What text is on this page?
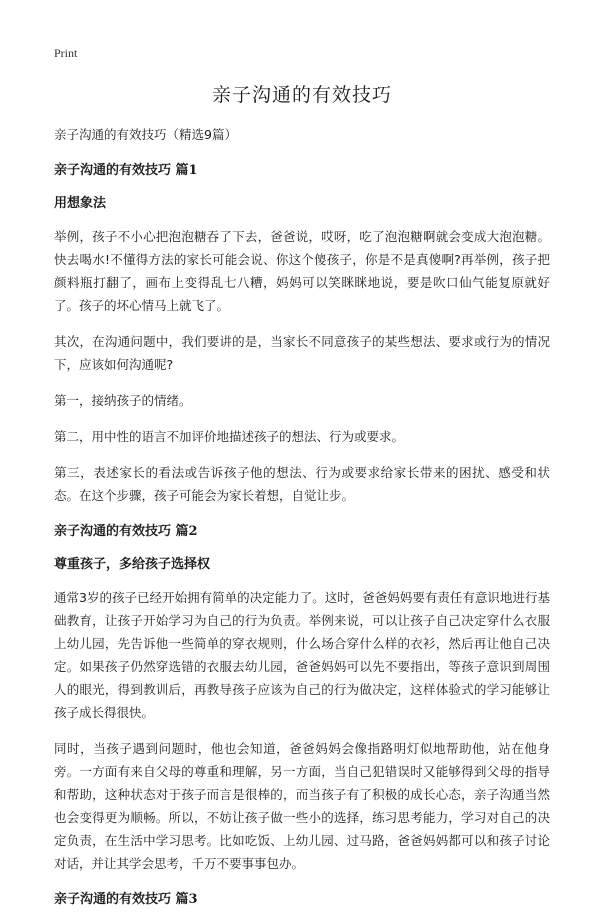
Print
亲子沟通的有效技巧

亲子沟通的有效技巧（精选9篇）

亲子沟通的有效技巧 篇1

用想象法

举例，孩子不小心把泡泡糖吞了下去，爸爸说，哎呀，吃了泡泡糖啊就会变成大泡泡糖。快去喝水!不懂得方法的家长可能会说、你这个傻孩子，你是不是真傻啊?再举例，孩子把颜料瓶打翻了，画布上变得乱七八糟，妈妈可以笑眯眯地说，要是吹口仙气能复原就好了。孩子的坏心情马上就飞了。

其次，在沟通问题中，我们要讲的是，当家长不同意孩子的某些想法、要求或行为的情况下，应该如何沟通呢?

第一，接纳孩子的情绪。

第二，用中性的语言不加评价地描述孩子的想法、行为或要求。

第三，表述家长的看法或告诉孩子他的想法、行为或要求给家长带来的困扰、感受和状态。在这个步骤，孩子可能会为家长着想，自觉让步。

亲子沟通的有效技巧 篇2

尊重孩子，多给孩子选择权

通常3岁的孩子已经开始拥有简单的决定能力了。这时，爸爸妈妈要有责任有意识地进行基础教育，让孩子开始学习为自己的行为负责。举例来说，可以让孩子自己决定穿什么衣服上幼儿园，先告诉他一些简单的穿衣规则，什么场合穿什么样的衣衫，然后再让他自己决定。如果孩子仍然穿选错的衣服去幼儿园，爸爸妈妈可以先不要指出，等孩子意识到周围人的眼光，得到教训后，再教导孩子应该为自己的行为做决定，这样体验式的学习能够让孩子成长得很快。

同时，当孩子遇到问题时，他也会知道，爸爸妈妈会像指路明灯似地帮助他，站在他身旁。一方面有来自父母的尊重和理解，另一方面，当自己犯错误时又能够得到父母的指导和帮助，这种状态对于孩子而言是很棒的，而当孩子有了积极的成长心态，亲子沟通当然也会变得更为顺畅。所以，不妨让孩子做一些小的选择，练习思考能力，学习对自己的决定负责，在生活中学习思考。比如吃饭、上幼儿园、过马路，爸爸妈妈都可以和孩子讨论对话，并让其学会思考，千万不要事事包办。

亲子沟通的有效技巧 篇3
